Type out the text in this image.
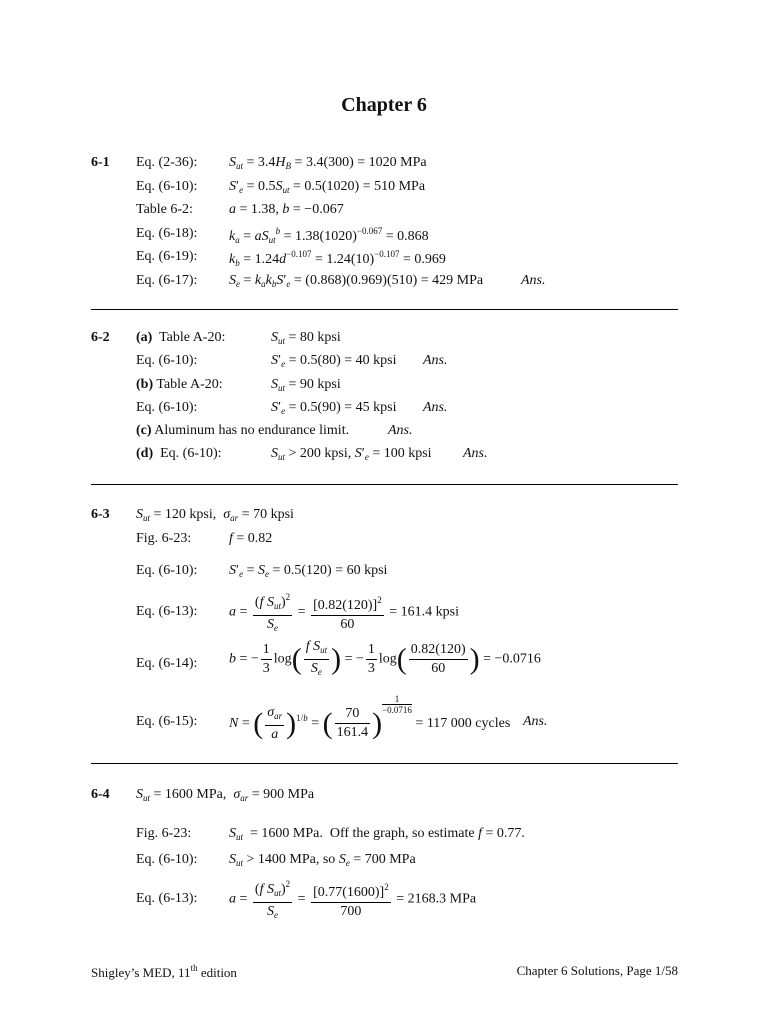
Chapter 6
6-1 Eq. (2-36): $S_{ut} = 3.4H_B = 3.4(300) = 1020$ MPa
Eq. (6-10): $S'_e = 0.5S_{ut} = 0.5(1020) = 510$ MPa
Table 6-2:	a = 1.38, b = −0.067
Eq. (6-18): $k_a = aS_{ut}^b = 1.38(1020)^{-0.067} = 0.868$
Eq. (6-19): $k_b = 1.24d^{-0.107} = 1.24(10)^{-0.107} = 0.969$
Eq. (6-17): $S_e = k_ak_bS'_e = (0.868)(0.969)(510) = 429$ MPa	Ans.
6-2 (a) Table A-20:	$S_{ut} = 80$ kpsi
Eq. (6-10):	$S'_e = 0.5(80) = 40$ kpsi Ans.
(b) Table A-20:	$S_{ut} = 90$ kpsi
Eq. (6-10):	$S'_e = 0.5(90) = 45$ kpsi Ans.
(c) Aluminum has no endurance limit.	Ans.
(d) Eq. (6-10):	$S_{ut} > 200$ kpsi, $S'_e = 100$ kpsi Ans.
6-3 $S_{ut} = 120$ kpsi,  $\sigma_{ar} = 70$ kpsi
Fig. 6-23:	f = 0.82
Eq. (6-10): $S'_e = S_e = 0.5(120) = 60$ kpsi
Eq. (6-13): $a = \frac{(f S_{ut})^2}{S_e} = \frac{[0.82(120)]^2}{60} = 161.4$ kpsi
Eq. (6-14): b = − $\frac{1}{3} \log( \frac{f S_{ut}}{S_e}$ ) = − $\frac{1}{3} \log( \frac{0.82(120)}{60}$ ) = −0.0716
Eq. (6-15): N = ( $\frac{\sigma_{ar}}{a} )^{1/b}$ = ( $\frac{70}{161.4}$ )
$\frac{1}{-0.0716}$
= 117 000 cycles Ans.
6-4 $S_{ut} = 1600$ MPa,  $\sigma_{ar} = 900$ MPa
Fig. 6-23:	$S_{ut} = 1600$ MPa.  Off the graph, so estimate f = 0.77.
Eq. (6-10): $S_{ut} > 1400$ MPa, so $S_e = 700$ MPa
Eq. (6-13): $a = \frac{(f S_{ut})^2}{S_e} = \frac{[0.77(1600)]^2}{700} = 2168.3$ MPa
Shigley’s MED, 11th edition	Chapter 6 Solutions, Page 1/58
